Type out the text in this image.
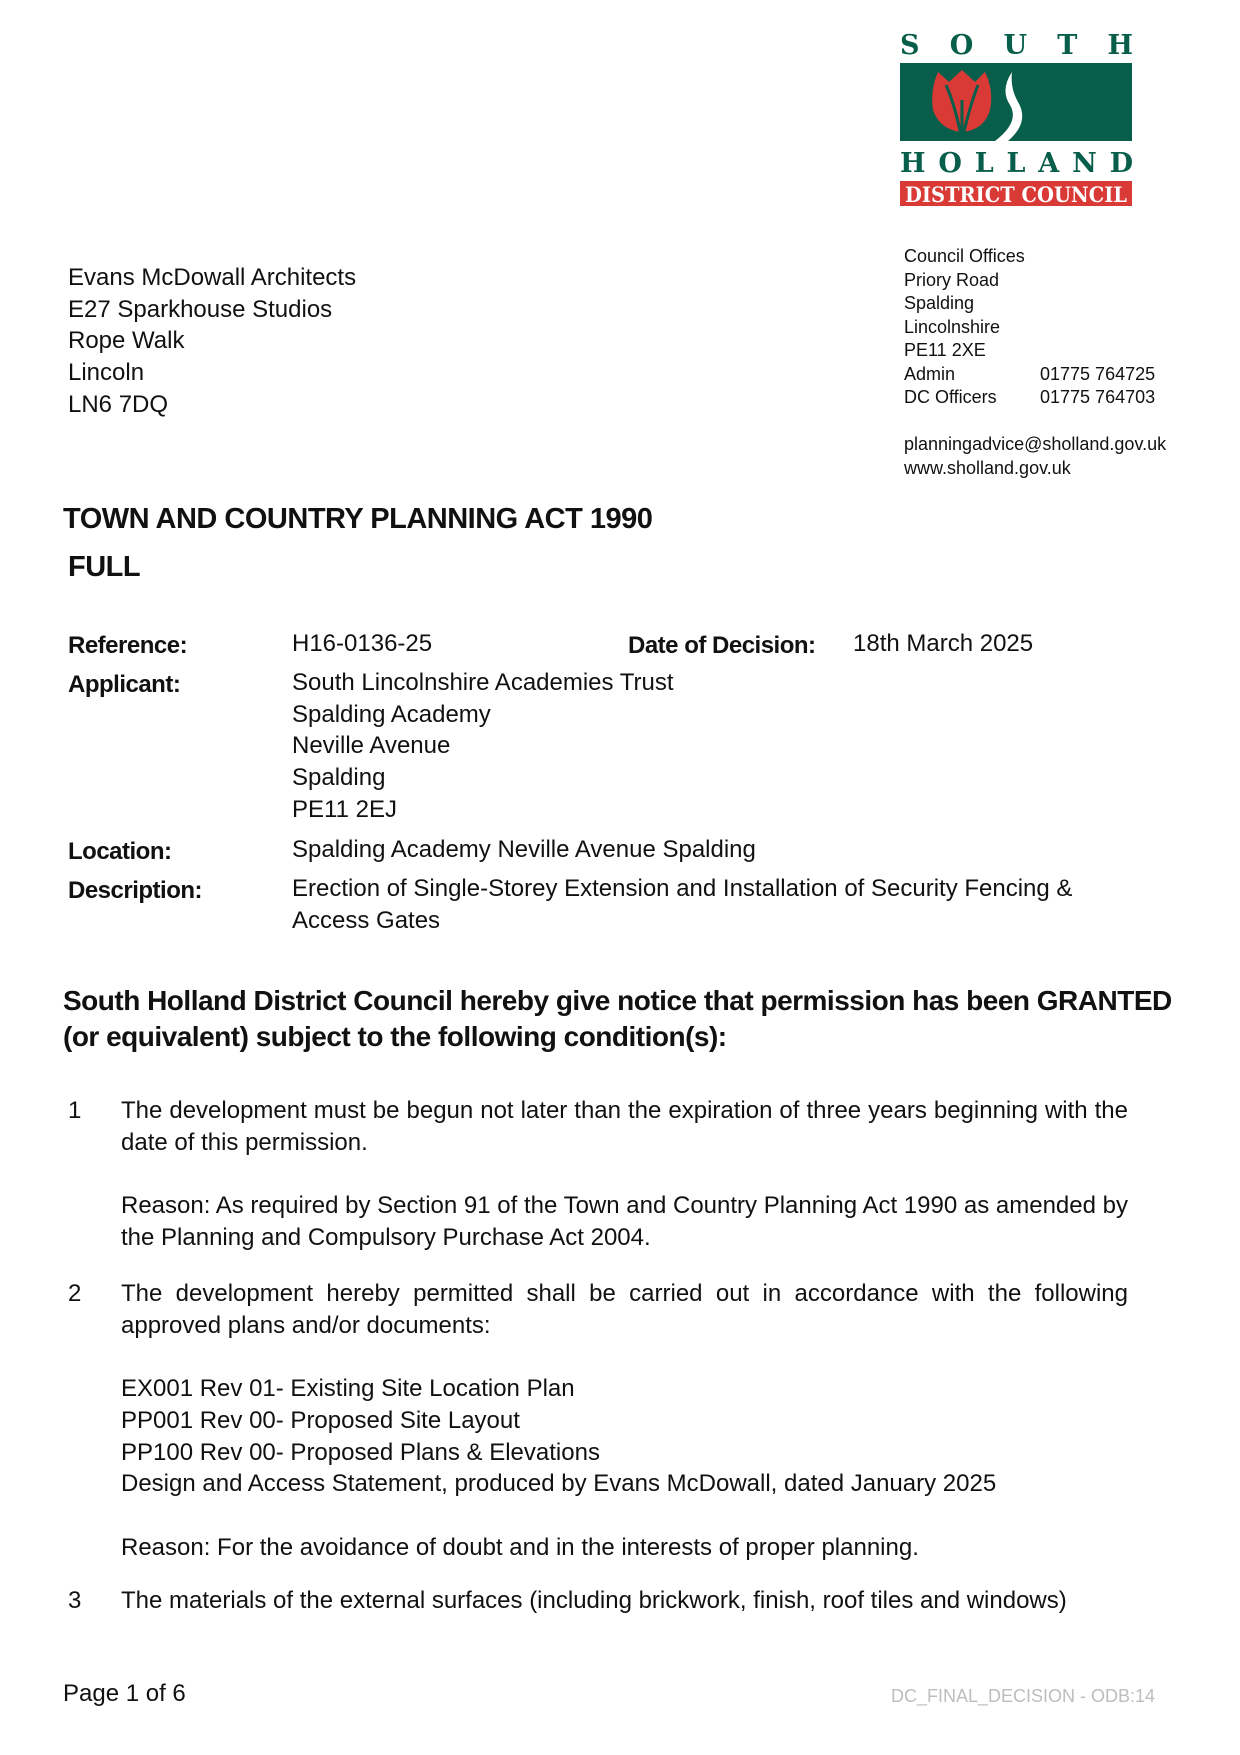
SOUTH
HOLLAND
DISTRICT COUNCIL
Evans McDowall Architects
E27 Sparkhouse Studios
Rope Walk
Lincoln
LN6 7DQ
Council Offices
Priory Road
Spalding
Lincolnshire
PE11 2XE
Admin	01775 764725
DC Officers	01775 764703
planningadvice@sholland.gov.uk
www.sholland.gov.uk
TOWN AND COUNTRY PLANNING ACT 1990
FULL
Reference:	H16-0136-25	Date of Decision: 18th March 2025
Applicant:	South Lincolnshire Academies Trust
Spalding Academy
Neville Avenue
Spalding
PE11 2EJ
Location:	Spalding Academy Neville Avenue Spalding
Description:	Erection of Single-Storey Extension and Installation of Security Fencing & Access Gates
South Holland District Council hereby give notice that permission has been GRANTED (or equivalent) subject to the following condition(s):
1 The development must be begun not later than the expiration of three years beginning with the date of this permission.

Reason: As required by Section 91 of the Town and Country Planning Act 1990 as amended by the Planning and Compulsory Purchase Act 2004.

2 The development hereby permitted shall be carried out in accordance with the following approved plans and/or documents:

EX001 Rev 01- Existing Site Location Plan
PP001 Rev 00- Proposed Site Layout
PP100 Rev 00- Proposed Plans & Elevations
Design and Access Statement, produced by Evans McDowall, dated January 2025

Reason: For the avoidance of doubt and in the interests of proper planning.

3 The materials of the external surfaces (including brickwork, finish, roof tiles and windows)

Page 1 of 6	DC_FINAL_DECISION - ODB:14
